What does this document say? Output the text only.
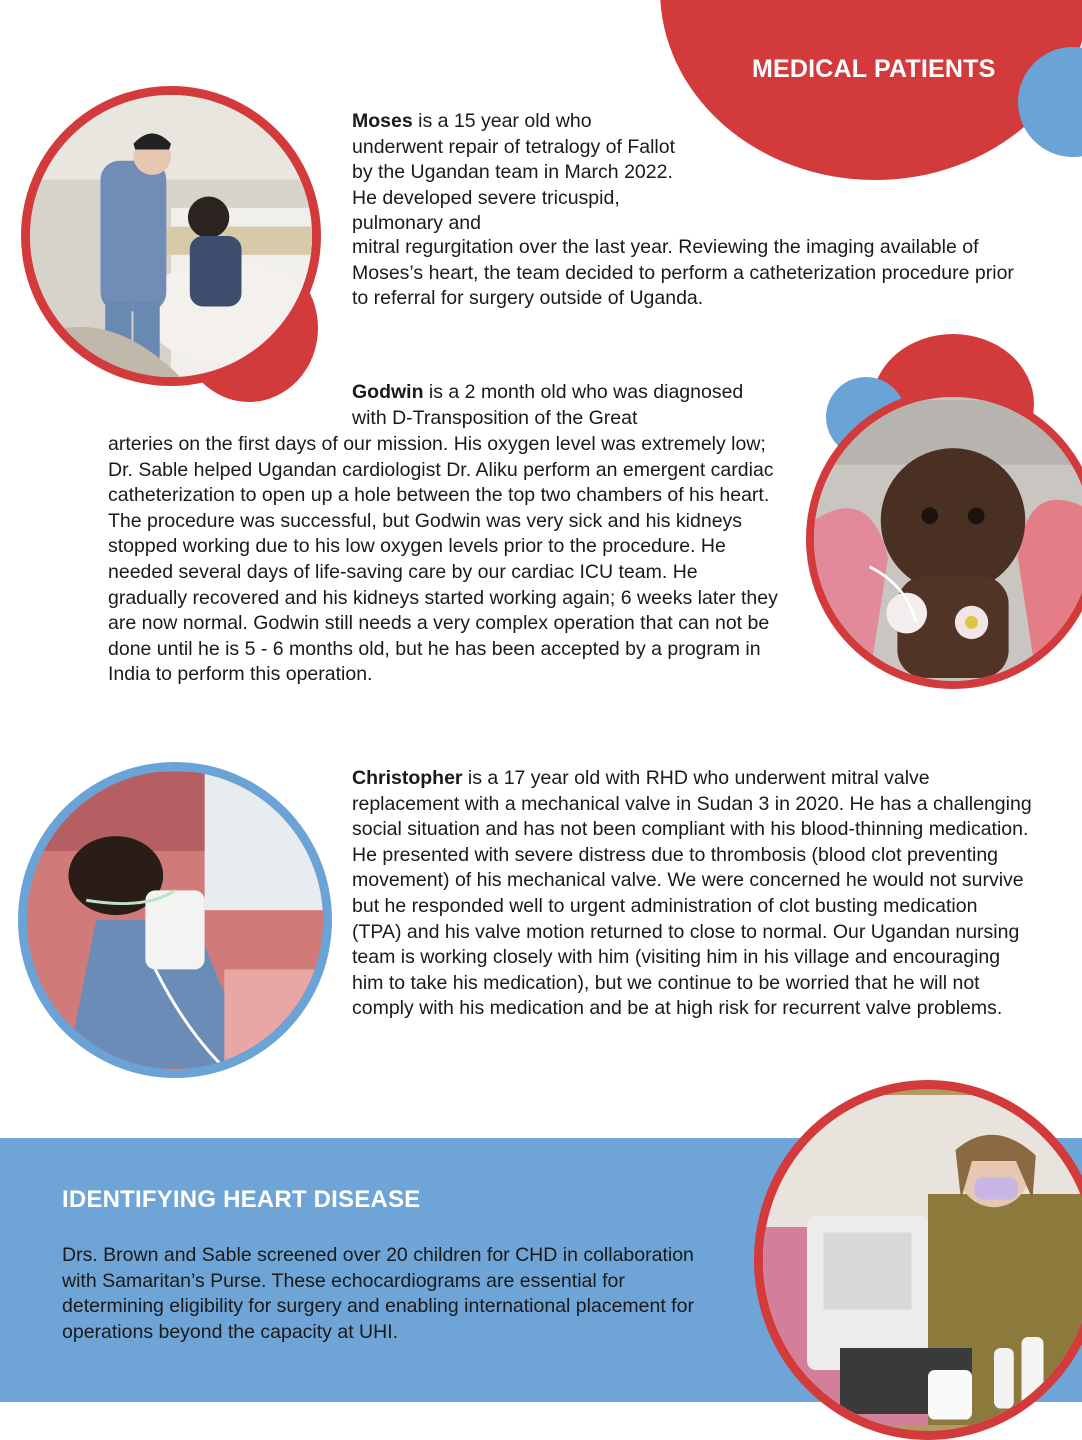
MEDICAL PATIENTS

Moses is a 15 year old who underwent repair of tetralogy of Fallot by the Ugandan team in March 2022. He developed severe tricuspid, pulmonary and

mitral regurgitation over the last year. Reviewing the imaging available of Moses’s heart, the team decided to perform a catheterization procedure prior to referral for surgery outside of Uganda.

Godwin is a 2 month old who was diagnosed with D-Transposition of the Great

arteries on the first days of our mission. His oxygen level was extremely low; Dr. Sable helped Ugandan cardiologist Dr. Aliku perform an emergent cardiac catheterization to open up a hole between the top two chambers of his heart. The procedure was successful, but Godwin was very sick and his kidneys stopped working due to his low oxygen levels prior to the procedure. He needed several days of life-saving care by our cardiac ICU team. He gradually recovered and his kidneys started working again; 6 weeks later they are now normal. Godwin still needs a very complex operation that can not be done until he is 5 - 6 months old, but he has been accepted by a program in India to perform this operation.

Christopher is a 17 year old with RHD who underwent mitral valve replacement with a mechanical valve in Sudan 3 in 2020. He has a challenging social situation and has not been compliant with his blood-thinning medication. He presented with severe distress due to thrombosis (blood clot preventing movement) of his mechanical valve. We were concerned he would not survive but he responded well to urgent administration of clot busting medication (TPA) and his valve motion returned to close to normal. Our Ugandan nursing team is working closely with him (visiting him in his village and encouraging him to take his medication), but we continue to be worried that he will not comply with his medication and be at high risk for recurrent valve problems.

IDENTIFYING HEART DISEASE

Drs. Brown and Sable screened over 20 children for CHD in collaboration with Samaritan’s Purse. These echocardiograms are essential for determining eligibility for surgery and enabling international placement for operations beyond the capacity at UHI.
